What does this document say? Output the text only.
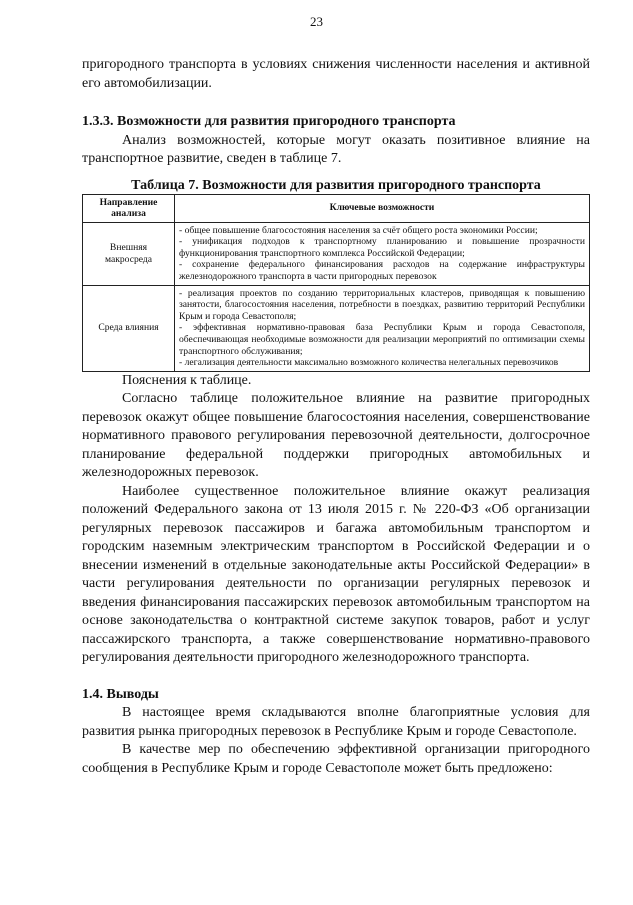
23

пригородного транспорта в условиях снижения численности населения и активной его автомобилизации.

1.3.3. Возможности для развития пригородного транспорта

Анализ возможностей, которые могут оказать позитивное влияние на транспортное развитие, сведен в таблице 7.

Таблица 7. Возможности для развития пригородного транспорта
Направление анализа	Ключевые возможности
Внешняя макросреда	- общее повышение благосостояния населения за счёт общего роста экономики России;
- унификация подходов к транспортному планированию и повышение прозрачности функционирования транспортного комплекса Российской Федерации;
- сохранение федерального финансирования расходов на содержание инфраструктуры железнодорожного транспорта в части пригородных перевозок

Среда влияния	- реализация проектов по созданию территориальных кластеров, приводящая к повышению занятости, благосостояния населения, потребности в поездках, развитию территорий Республики Крым и города Севастополя;
- эффективная нормативно-правовая база Республики Крым и города Севастополя, обеспечивающая необходимые возможности для реализации мероприятий по оптимизации схемы транспортного обслуживания;
- легализация деятельности максимально возможного количества нелегальных перевозчиков

Пояснения к таблице.

Согласно таблице положительное влияние на развитие пригородных перевозок окажут общее повышение благосостояния населения, совершенствование нормативного правового регулирования перевозочной деятельности, долгосрочное планирование федеральной поддержки пригородных автомобильных и железнодорожных перевозок.

Наиболее существенное положительное влияние окажут реализация положений Федерального закона от 13 июля 2015 г. № 220-ФЗ «Об организации регулярных перевозок пассажиров и багажа автомобильным транспортом и городским наземным электрическим транспортом в Российской Федерации и о внесении изменений в отдельные законодательные акты Российской Федерации» в части регулирования деятельности по организации регулярных перевозок и введения финансирования пассажирских перевозок автомобильным транспортом на основе законодательства о контрактной системе закупок товаров, работ и услуг пассажирского транспорта, а также совершенствование нормативно-правового регулирования деятельности пригородного железнодорожного транспорта.

1.4. Выводы

В настоящее время складываются вполне благоприятные условия для развития рынка пригородных перевозок в Республике Крым и городе Севастополе.

В качестве мер по обеспечению эффективной организации пригородного сообщения в Республике Крым и городе Севастополе может быть предложено:
